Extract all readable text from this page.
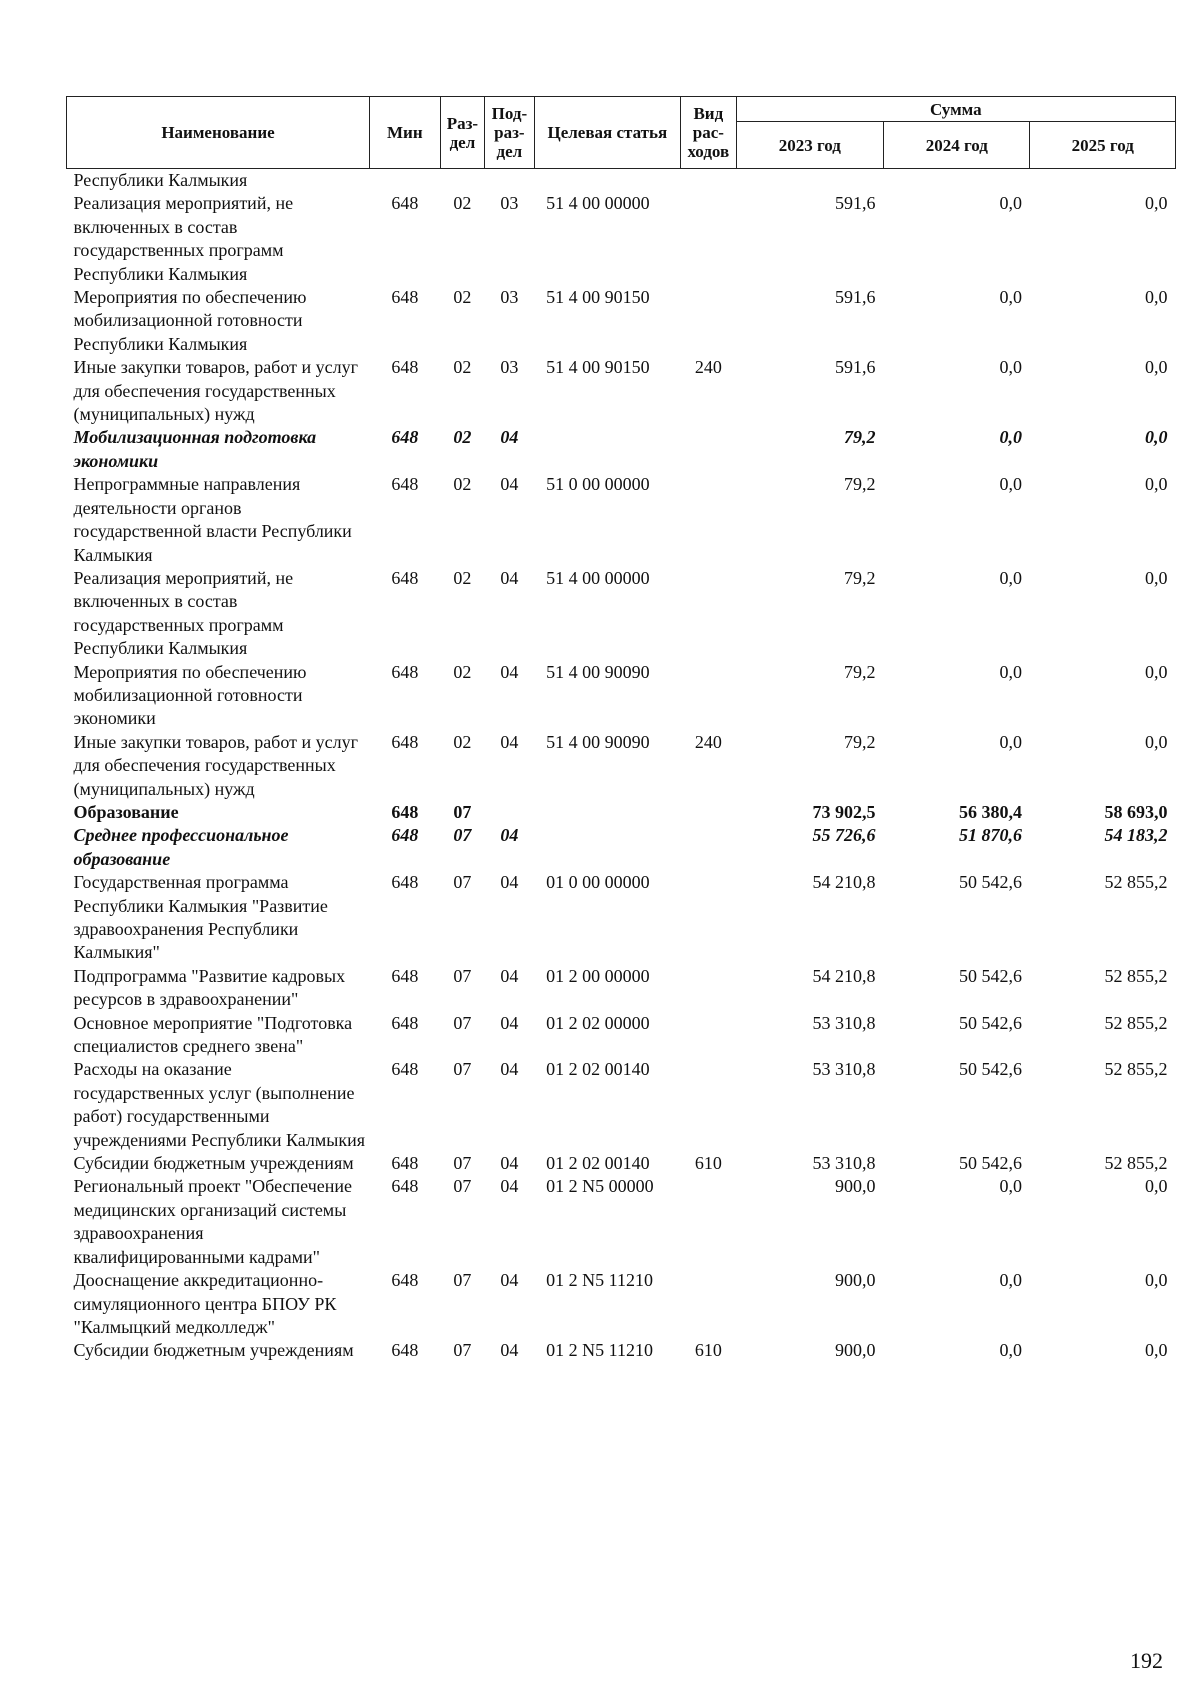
Наименование	Мин	Раз-дел	Под-раз-дел	Целевая статья	Вид рас-ходов	Сумма		
						2023 год	2024 год	2025 год
Республики Калмыкия								
Реализация мероприятий, не включенных в состав государственных программ Республики Калмыкия	648	02	03	51 4 00 00000		591,6	0,0	0,0
Мероприятия по обеспечению мобилизационной готовности Республики Калмыкия	648	02	03	51 4 00 90150		591,6	0,0	0,0
Иные закупки товаров, работ и услуг для обеспечения государственных (муниципальных) нужд	648	02	03	51 4 00 90150	240	591,6	0,0	0,0
Мобилизационная подготовка экономики	648	02	04			79,2	0,0	0,0
Непрограммные направления деятельности органов государственной власти Республики Калмыкия	648	02	04	51 0 00 00000		79,2	0,0	0,0
Реализация мероприятий, не включенных в состав государственных программ Республики Калмыкия	648	02	04	51 4 00 00000		79,2	0,0	0,0
Мероприятия по обеспечению мобилизационной готовности экономики	648	02	04	51 4 00 90090		79,2	0,0	0,0
Иные закупки товаров, работ и услуг для обеспечения государственных (муниципальных) нужд	648	02	04	51 4 00 90090	240	79,2	0,0	0,0
Образование	648	07				73 902,5	56 380,4	58 693,0
Среднее профессиональное образование	648	07	04			55 726,6	51 870,6	54 183,2
Государственная программа Республики Калмыкия "Развитие здравоохранения Республики Калмыкия"	648	07	04	01 0 00 00000		54 210,8	50 542,6	52 855,2
Подпрограмма "Развитие кадровых ресурсов в здравоохранении"	648	07	04	01 2 00 00000		54 210,8	50 542,6	52 855,2
Основное мероприятие "Подготовка специалистов среднего звена"	648	07	04	01 2 02 00000		53 310,8	50 542,6	52 855,2
Расходы на оказание государственных услуг (выполнение работ) государственными учреждениями Республики Калмыкия	648	07	04	01 2 02 00140		53 310,8	50 542,6	52 855,2
Субсидии бюджетным учреждениям	648	07	04	01 2 02 00140	610	53 310,8	50 542,6	52 855,2
Региональный проект "Обеспечение медицинских организаций системы здравоохранения квалифицированными кадрами"	648	07	04	01 2 N5 00000		900,0	0,0	0,0
Дооснащение аккредитационно-симуляционного центра БПОУ РК "Калмыцкий медколледж"	648	07	04	01 2 N5 11210		900,0	0,0	0,0
Субсидии бюджетным учреждениям	648	07	04	01 2 N5 11210	610	900,0	0,0	0,0
192
